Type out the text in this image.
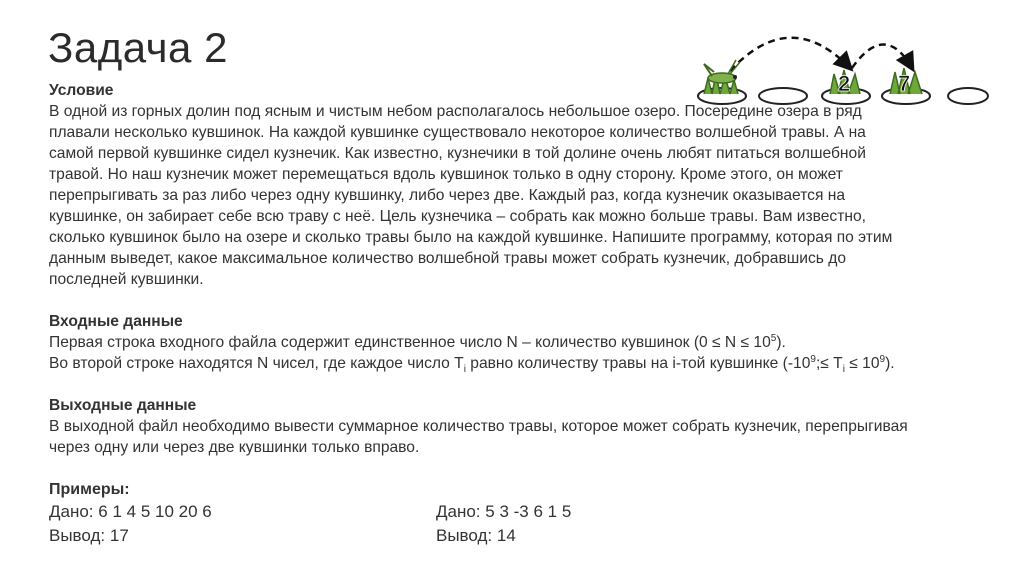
Задача 2
2 7
Условие

В одной из горных долин под ясным и чистым небом располагалось небольшое озеро. Посередине озера в ряд плавали несколько кувшинок. На каждой кувшинке существовало некоторое количество волшебной травы. А на самой первой кувшинке сидел кузнечик. Как известно, кузнечики в той долине очень любят питаться волшебной травой. Но наш кузнечик может перемещаться вдоль кувшинок только в одну сторону. Кроме этого, он может перепрыгивать за раз либо через одну кувшинку, либо через две. Каждый раз, когда кузнечик оказывается на кувшинке, он забирает себе всю траву с неё. Цель кузнечика – собрать как можно больше травы. Вам известно, сколько кувшинок было на озере и сколько травы было на каждой кувшинке. Напишите программу, которая по этим данным выведет, какое максимальное количество волшебной травы может собрать кузнечик, добравшись до последней кувшинки.

Входные данные

Первая строка входного файла содержит единственное число N – количество кувшинок $(0 \le N \le 10^5)$.

Во второй строке находятся N чисел, где каждое число $T_i$ равно количеству травы на i-той кувшинке $(-10^9;\le T_i \le 10^9)$.

Выходные данные

В выходной файл необходимо вывести суммарное количество травы, которое может собрать кузнечик, перепрыгивая через одну или через две кувшинки только вправо.

Примеры:
Дано: 6 1 4 5 10 20 6
Вывод: 17
Дано: 5 3 -3 6 1 5
Вывод: 14
